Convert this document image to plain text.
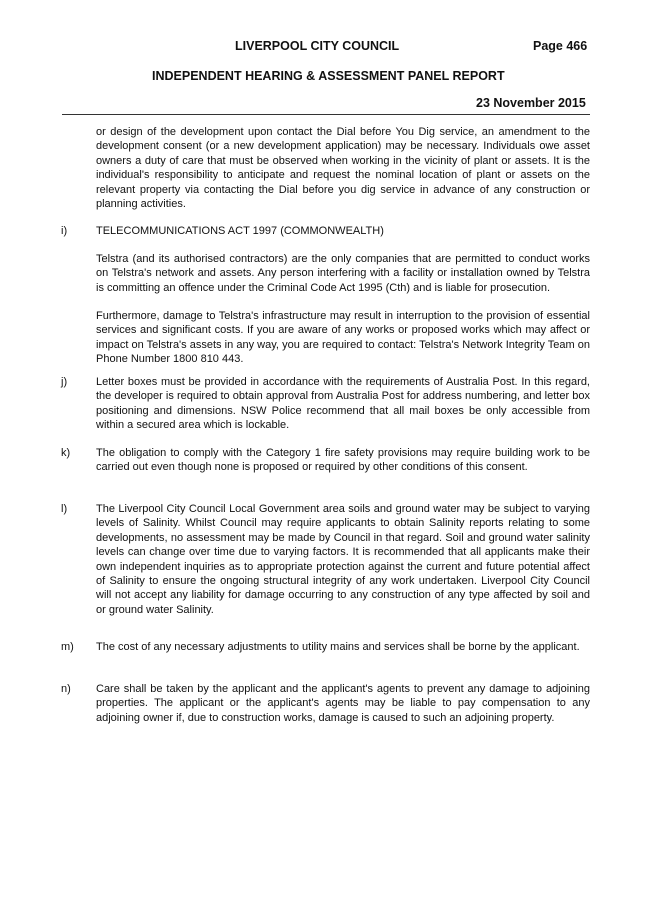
LIVERPOOL CITY COUNCIL	Page 466
INDEPENDENT HEARING & ASSESSMENT PANEL REPORT
23 November 2015

or design of the development upon contact the Dial before You Dig service, an amendment to the development consent (or a new development application) may be necessary. Individuals owe asset owners a duty of care that must be observed when working in the vicinity of plant or assets. It is the individual's responsibility to anticipate and request the nominal location of plant or assets on the relevant property via contacting the Dial before you dig service in advance of any construction or planning activities.

i)	TELECOMMUNICATIONS ACT 1997 (COMMONWEALTH)

Telstra (and its authorised contractors) are the only companies that are permitted to conduct works on Telstra's network and assets. Any person interfering with a facility or installation owned by Telstra is committing an offence under the Criminal Code Act 1995 (Cth) and is liable for prosecution.

Furthermore, damage to Telstra's infrastructure may result in interruption to the provision of essential services and significant costs. If you are aware of any works or proposed works which may affect or impact on Telstra's assets in any way, you are required to contact: Telstra's Network Integrity Team on Phone Number 1800 810 443.

j)	Letter boxes must be provided in accordance with the requirements of Australia Post. In this regard, the developer is required to obtain approval from Australia Post for address numbering, and letter box positioning and dimensions. NSW Police recommend that all mail boxes be only accessible from within a secured area which is lockable.

k) The obligation to comply with the Category 1 fire safety provisions may require building work to be carried out even though none is proposed or required by other conditions of this consent.

l)	The Liverpool City Council Local Government area soils and ground water may be subject to varying levels of Salinity. Whilst Council may require applicants to obtain Salinity reports relating to some developments, no assessment may be made by Council in that regard. Soil and ground water salinity levels can change over time due to varying factors. It is recommended that all applicants make their own independent inquiries as to appropriate protection against the current and future potential affect of Salinity to ensure the ongoing structural integrity of any work undertaken. Liverpool City Council will not accept any liability for damage occurring to any construction of any type affected by soil and or ground water Salinity.

m) The cost of any necessary adjustments to utility mains and services shall be borne by the applicant.

n) Care shall be taken by the applicant and the applicant's agents to prevent any damage to adjoining properties. The applicant or the applicant's agents may be liable to pay compensation to any adjoining owner if, due to construction works, damage is caused to such an adjoining property.
